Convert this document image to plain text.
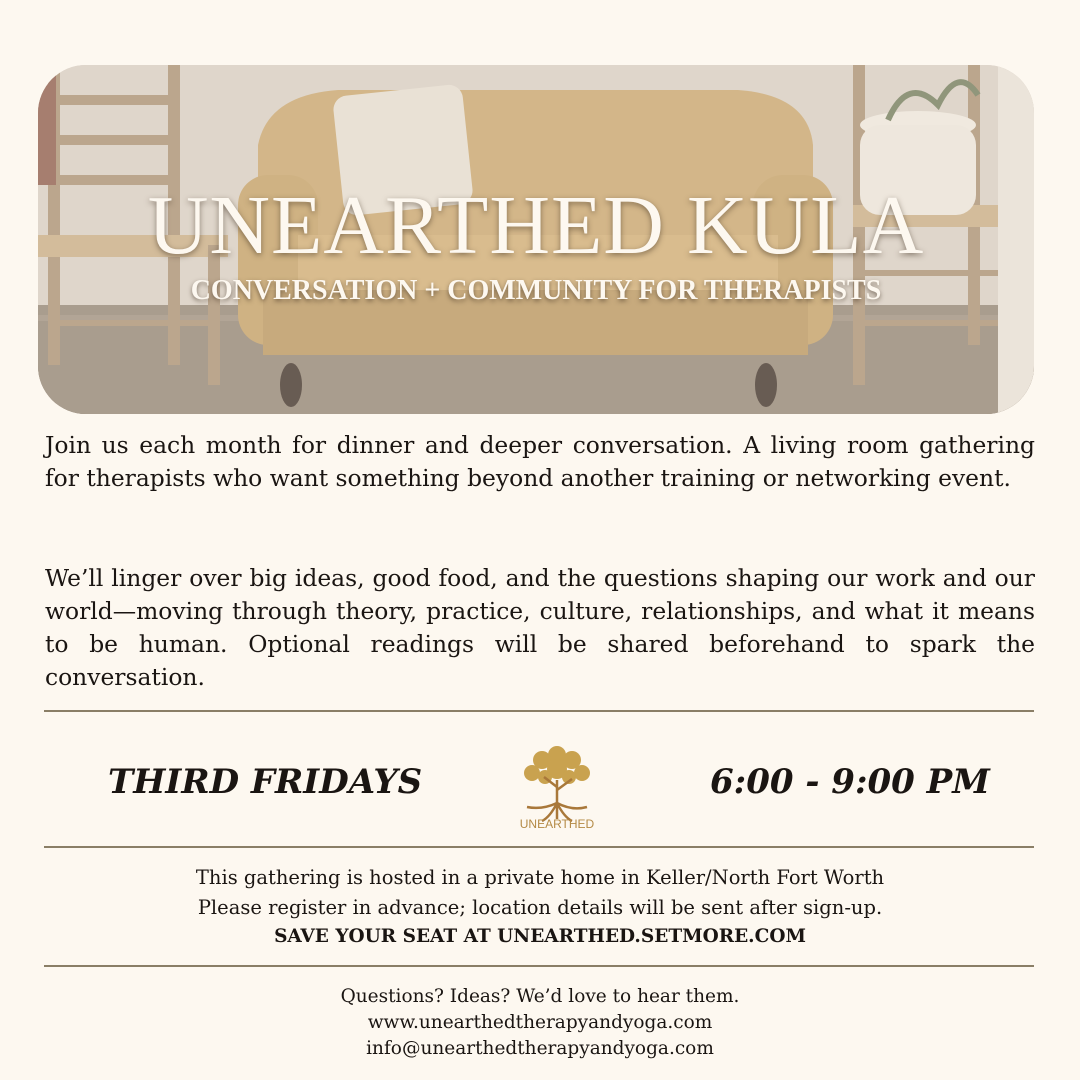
UNEARTHED KULA
CONVERSATION + COMMUNITY FOR THERAPISTS

Join us each month for dinner and deeper conversation. A living room gathering for therapists who want something beyond another training or networking event.

We’ll linger over big ideas, good food, and the questions shaping our work and our world—moving through theory, practice, culture, relationships, and what it means to be human. Optional readings will be shared beforehand to spark the conversation.

THIRD FRIDAYS
UNEARTHED
6:00 - 9:00 PM
This gathering is hosted in a private home in Keller/North Fort Worth
Please register in advance; location details will be sent after sign-up.
SAVE YOUR SEAT AT UNEARTHED.SETMORE.COM
Questions? Ideas? We’d love to hear them.
www.unearthedtherapyandyoga.com
info@unearthedtherapyandyoga.com
